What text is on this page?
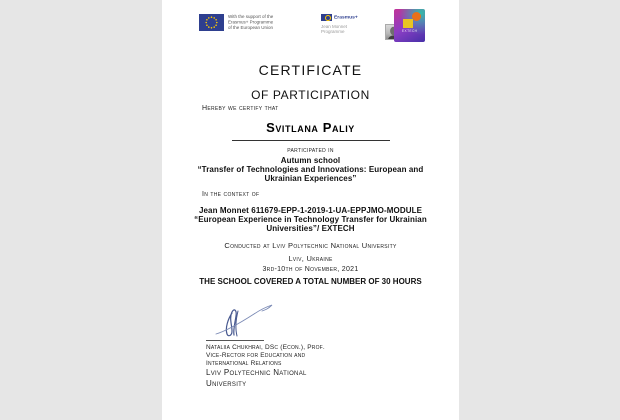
With the support of the
Erasmus+ Programme
of the European Union
Erasmus+
Jean Monnet
Programme	EXTECH
CERTIFICATE
OF PARTICIPATION
Hereby we certify that
Svitlana Paliy
participated in
Autumn school
“Transfer of Technologies and Innovations: European and
Ukrainian Experiences”
In the context of
Jean Monnet 611679-EPP-1-2019-1-UA-EPPJMO-MODULE
“European Experience in Technology Transfer for Ukrainian
Universities”/ EXTECH
Conducted at Lviv Polytechnic National University
Lviv, Ukraine
3rd-10th of November, 2021
THE SCHOOL COVERED A TOTAL NUMBER OF 30 HOURS
Nataliia Chukhrai, DSc (Econ.), Prof.
Vice-Rector for Education and
International Relations
Lviv Polytechnic National
University
